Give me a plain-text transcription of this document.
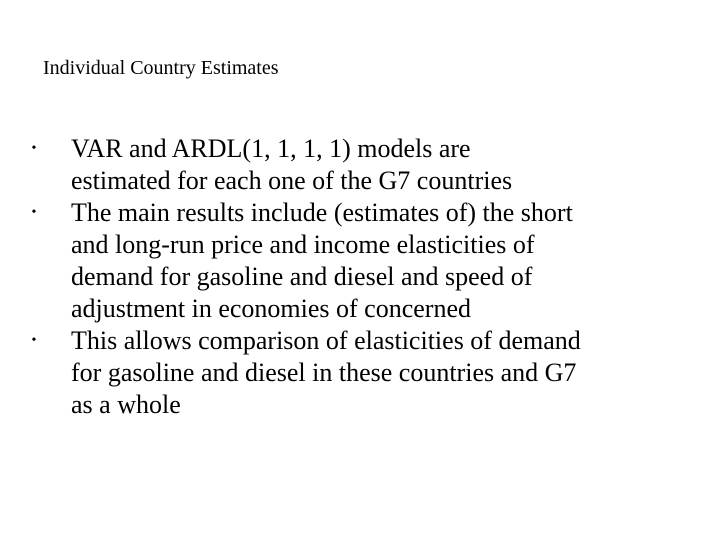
Individual Country Estimates
• VAR and ARDL(1, 1, 1, 1) models are
estimated for each one of the G7 countries
• The main results include (estimates of) the short
and long-run price and income elasticities of
demand for gasoline and diesel and speed of
adjustment in economies of concerned
• This allows comparison of elasticities of demand
for gasoline and diesel in these countries and G7
as a whole
